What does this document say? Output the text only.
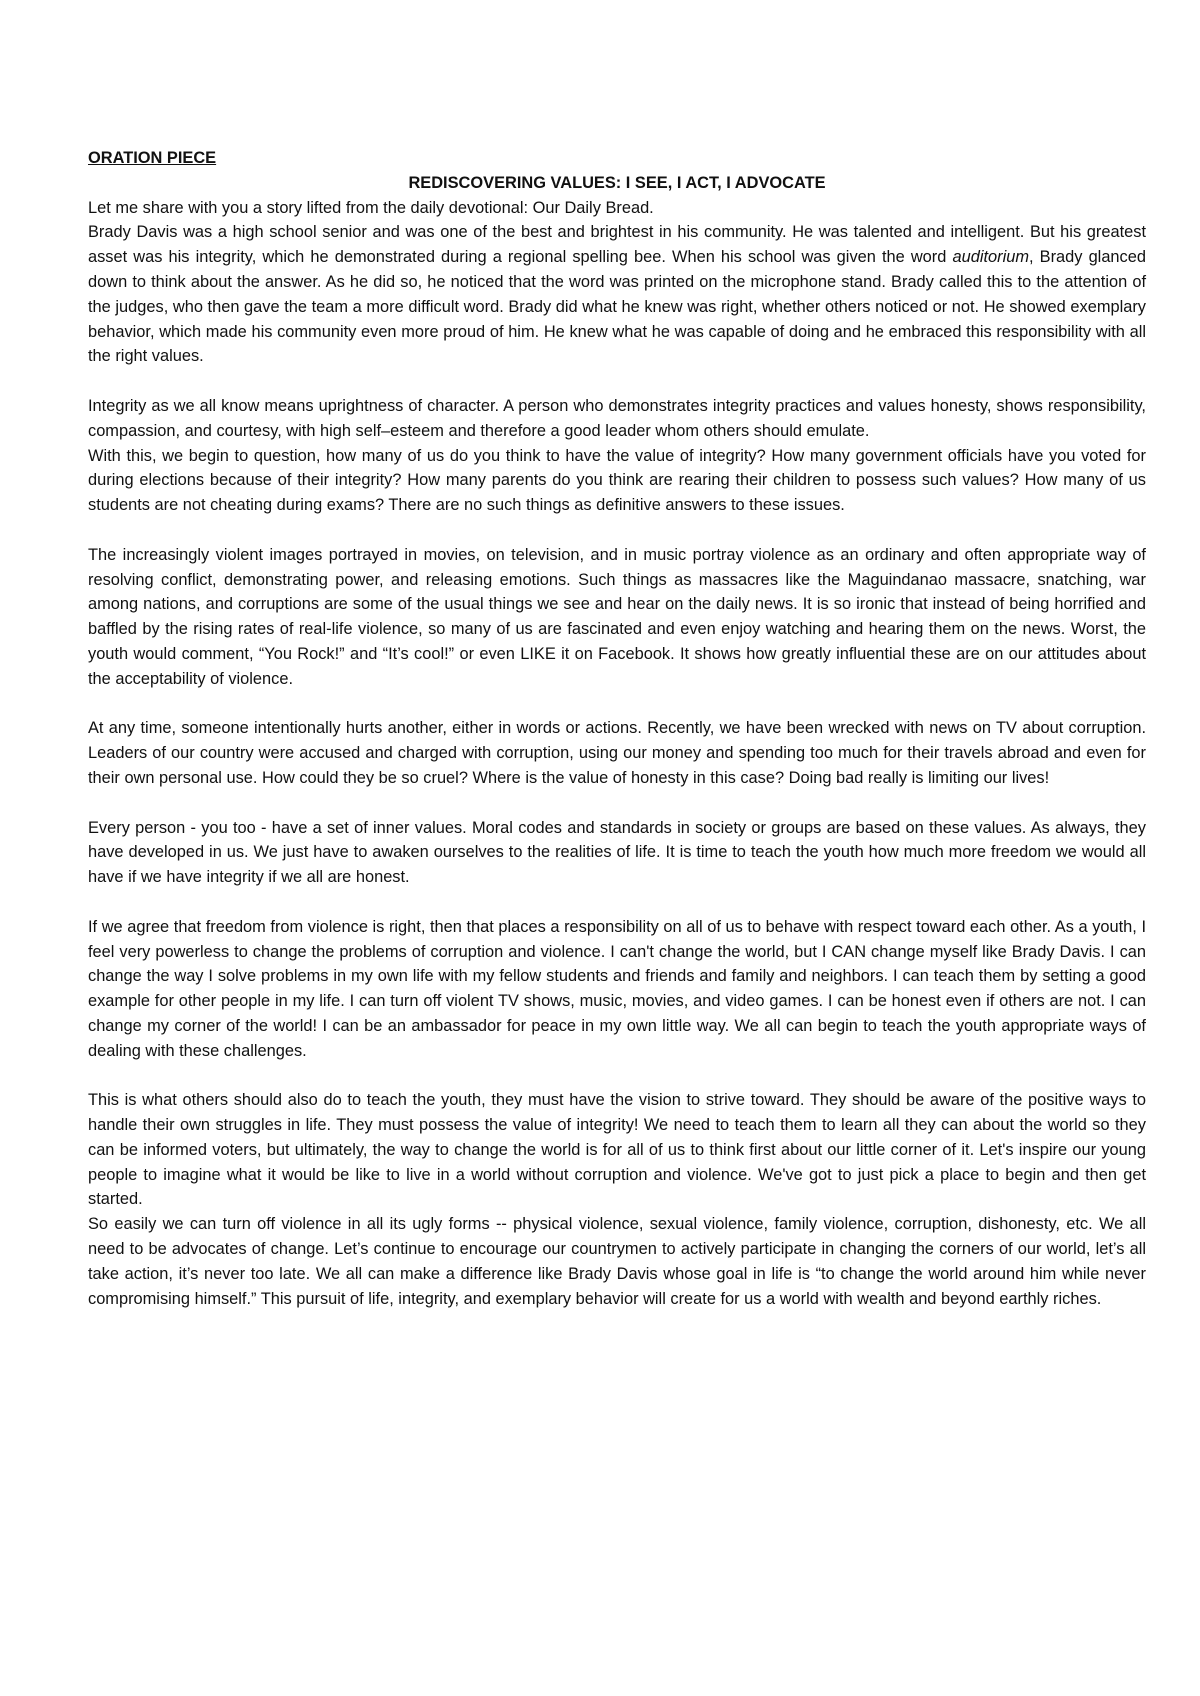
ORATION PIECE

REDISCOVERING VALUES: I SEE, I ACT, I ADVOCATE

Let me share with you a story lifted from the daily devotional: Our Daily Bread.

Brady Davis was a high school senior and was one of the best and brightest in his community. He was talented and intelligent. But his greatest asset was his integrity, which he demonstrated during a regional spelling bee. When his school was given the word auditorium, Brady glanced down to think about the answer. As he did so, he noticed that the word was printed on the microphone stand. Brady called this to the attention of the judges, who then gave the team a more difficult word. Brady did what he knew was right, whether others noticed or not. He showed exemplary behavior, which made his community even more proud of him. He knew what he was capable of doing and he embraced this responsibility with all the right values.

Integrity as we all know means uprightness of character. A person who demonstrates integrity practices and values honesty, shows responsibility, compassion, and courtesy, with high self–esteem and therefore a good leader whom others should emulate.

With this, we begin to question, how many of us do you think to have the value of integrity? How many government officials have you voted for during elections because of their integrity? How many parents do you think are rearing their children to possess such values? How many of us students are not cheating during exams? There are no such things as definitive answers to these issues.

The increasingly violent images portrayed in movies, on television, and in music portray violence as an ordinary and often appropriate way of resolving conflict, demonstrating power, and releasing emotions. Such things as massacres like the Maguindanao massacre, snatching, war among nations, and corruptions are some of the usual things we see and hear on the daily news. It is so ironic that instead of being horrified and baffled by the rising rates of real-life violence, so many of us are fascinated and even enjoy watching and hearing them on the news. Worst, the youth would comment, “You Rock!” and “It’s cool!” or even LIKE it on Facebook. It shows how greatly influential these are on our attitudes about the acceptability of violence.

At any time, someone intentionally hurts another, either in words or actions. Recently, we have been wrecked with news on TV about corruption. Leaders of our country were accused and charged with corruption, using our money and spending too much for their travels abroad and even for their own personal use. How could they be so cruel? Where is the value of honesty in this case? Doing bad really is limiting our lives!

Every person - you too - have a set of inner values. Moral codes and standards in society or groups are based on these values. As always, they have developed in us. We just have to awaken ourselves to the realities of life. It is time to teach the youth how much more freedom we would all have if we have integrity if we all are honest.

If we agree that freedom from violence is right, then that places a responsibility on all of us to behave with respect toward each other. As a youth, I feel very powerless to change the problems of corruption and violence. I can't change the world, but I CAN change myself like Brady Davis. I can change the way I solve problems in my own life with my fellow students and friends and family and neighbors. I can teach them by setting a good example for other people in my life. I can turn off violent TV shows, music, movies, and video games. I can be honest even if others are not. I can change my corner of the world! I can be an ambassador for peace in my own little way. We all can begin to teach the youth appropriate ways of dealing with these challenges.

This is what others should also do to teach the youth, they must have the vision to strive toward. They should be aware of the positive ways to handle their own struggles in life. They must possess the value of integrity! We need to teach them to learn all they can about the world so they can be informed voters, but ultimately, the way to change the world is for all of us to think first about our little corner of it. Let's inspire our young people to imagine what it would be like to live in a world without corruption and violence. We've got to just pick a place to begin and then get started.

So easily we can turn off violence in all its ugly forms -- physical violence, sexual violence, family violence, corruption, dishonesty, etc. We all need to be advocates of change. Let’s continue to encourage our countrymen to actively participate in changing the corners of our world, let’s all take action, it’s never too late. We all can make a difference like Brady Davis whose goal in life is “to change the world around him while never compromising himself.” This pursuit of life, integrity, and exemplary behavior will create for us a world with wealth and beyond earthly riches.
